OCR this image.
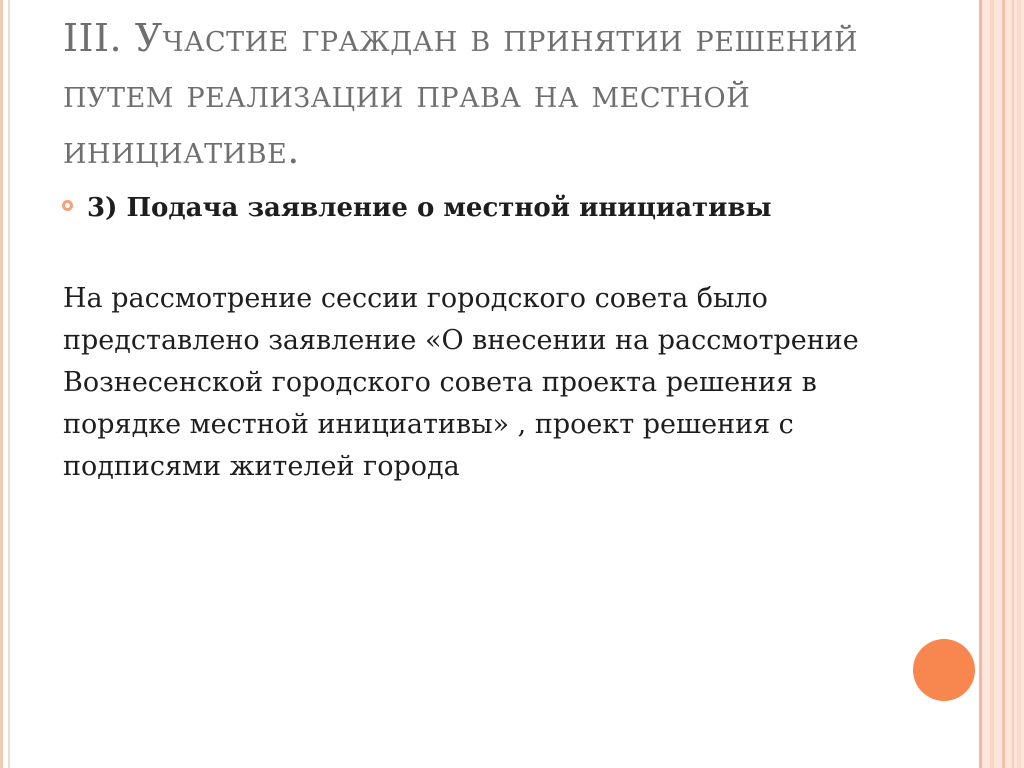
III. Участие граждан в принятии решений путем реализации права на местной инициативе.
3) Подача заявление о местной инициативы

На рассмотрение сессии городского совета было представлено заявление «О внесении на рассмотрение Вознесенской городского совета проекта решения в порядке местной инициативы» , проект решения с подписями жителей города
